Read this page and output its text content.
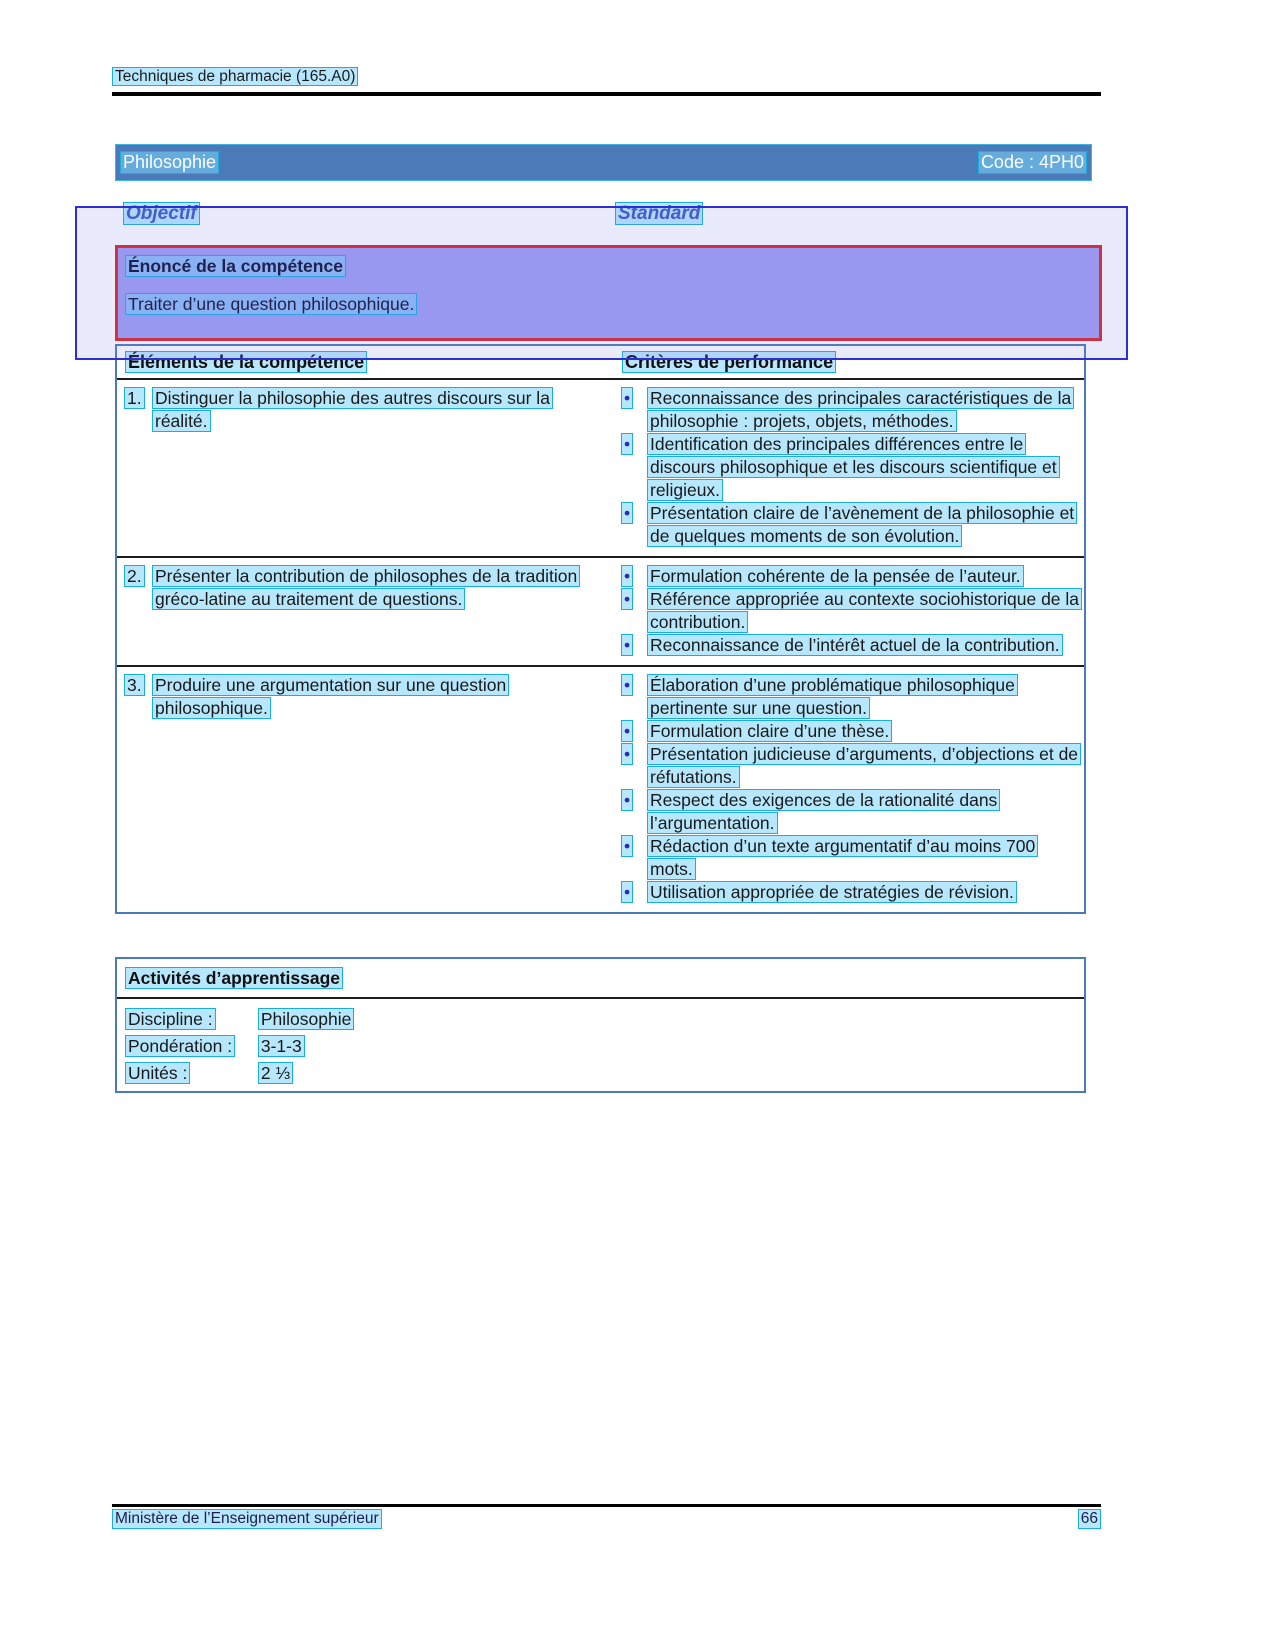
Techniques de pharmacie (165.A0)
Philosophie	Code : 4PH0
Objectif	Standard
Énoncé de la compétence
Traiter d’une question philosophique.
Éléments de la compétence	Critères de performance
1. Distinguer la philosophie des autres discours sur la réalité.
•	Reconnaissance des principales caractéristiques de la philosophie : projets, objets, méthodes.
•	Identification des principales différences entre le discours philosophique et les discours scientifique et religieux.
•	Présentation claire de l’avènement de la philosophie et de quelques moments de son évolution.
2. Présenter la contribution de philosophes de la tradition gréco-latine au traitement de questions.
•	Formulation cohérente de la pensée de l’auteur.
•	Référence appropriée au contexte sociohistorique de la contribution.
•	Reconnaissance de l’intérêt actuel de la contribution.
3. Produire une argumentation sur une question philosophique.
•	Élaboration d’une problématique philosophique pertinente sur une question.
•	Formulation claire d’une thèse.
•	Présentation judicieuse d’arguments, d’objections et de réfutations.
•	Respect des exigences de la rationalité dans l’argumentation.
•	Rédaction d’un texte argumentatif d’au moins 700 mots.
•	Utilisation appropriée de stratégies de révision.
Activités d’apprentissage
Discipline :	Philosophie
Pondération : 3-1-3
Unités :	2 ⅓
Ministère de l’Enseignement supérieur	66
